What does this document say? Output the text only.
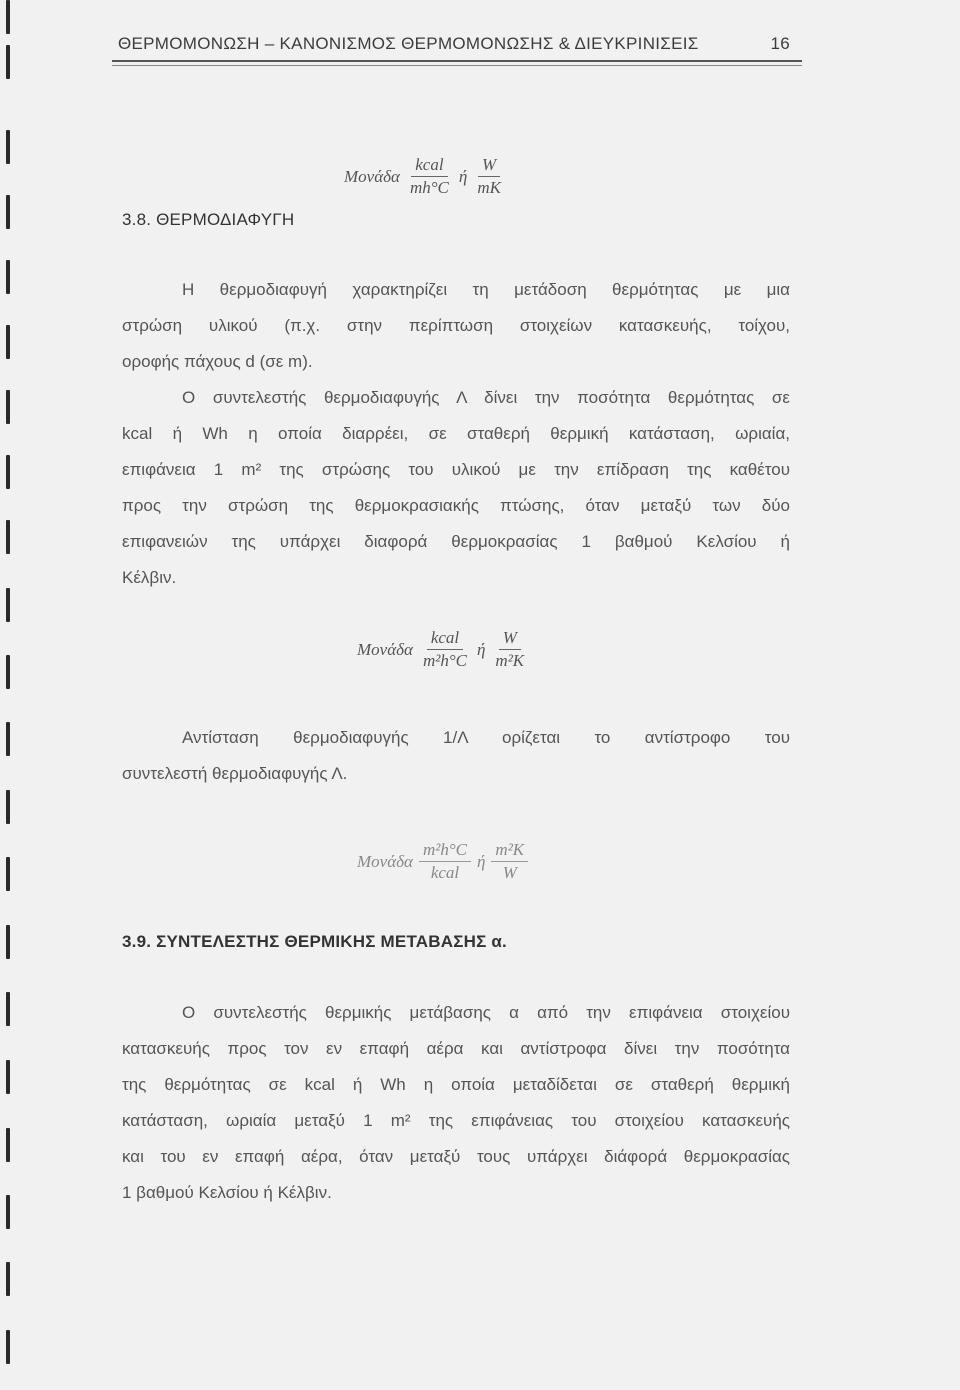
ΘΕΡΜΟΜΟΝΩΣΗ – ΚΑΝΟΝΙΣΜΟΣ ΘΕΡΜΟΜΟΝΩΣΗΣ & ΔΙΕΥΚΡΙΝΙΣΕΙΣ	16
Μονάδα $\frac{\text{kcal}}{mh^\circ C}$ ή $\frac{W}{mK}$
3.8. ΘΕΡΜΟΔΙΑΦΥΓΗ
Η θερμοδιαφυγή χαρακτηρίζει τη μετάδοση θερμότητας με μια
στρώση υλικού (π.χ. στην περίπτωση στοιχείων κατασκευής, τοίχου,
οροφής πάχους d (σε m).
Ο συντελεστής θερμοδιαφυγής Λ δίνει την ποσότητα θερμότητας σε
kcal ή Wh η οποία διαρρέει, σε σταθερή θερμική κατάσταση, ωριαία,
επιφάνεια 1 m² της στρώσης του υλικού με την επίδραση της καθέτου
προς την στρώση της θερμοκρασιακής πτώσης, όταν μεταξύ των δύο
επιφανειών της υπάρχει διαφορά θερμοκρασίας 1 βαθμού Κελσίου ή
Κέλβιν.
Μονάδα $\frac{\text{kcal}}{\text{m²h°C}}$ ή $\frac{W}{\text{m²K}}$
Αντίσταση θερμοδιαφυγής 1/Λ ορίζεται το αντίστροφο του
συντελεστή θερμοδιαφυγής Λ.
Μονάδα $\frac{\text{m²h°C}}{\text{kcal}}$ ή $\frac{\text{m²K}}{W}$
3.9. ΣΥΝΤΕΛΕΣΤΗΣ ΘΕΡΜΙΚΗΣ ΜΕΤΑΒΑΣΗΣ α.
Ο συντελεστής θερμικής μετάβασης α από την επιφάνεια στοιχείου
κατασκευής προς τον εν επαφή αέρα και αντίστροφα δίνει την ποσότητα
της θερμότητας σε kcal ή Wh η οποία μεταδίδεται σε σταθερή θερμική
κατάσταση, ωριαία μεταξύ 1 m² της επιφάνειας του στοιχείου κατασκευής
και του εν επαφή αέρα, όταν μεταξύ τους υπάρχει διάφορά θερμοκρασίας
1 βαθμού Κελσίου ή Κέλβιν.
